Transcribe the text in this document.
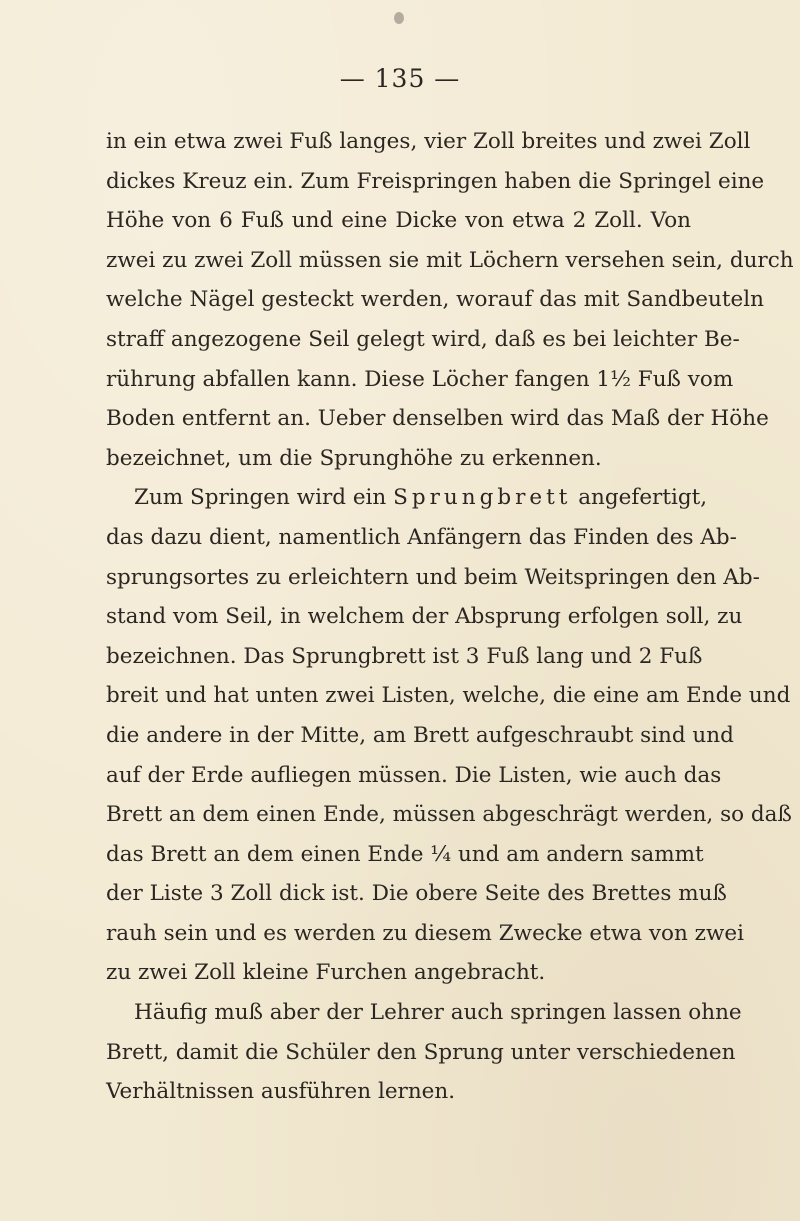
— 135 —
in ein etwa zwei Fuß langes, vier Zoll breites und zwei Zoll
dickes Kreuz ein. Zum Freispringen haben die Springel eine
Höhe von 6 Fuß und eine Dicke von etwa 2 Zoll. Von
zwei zu zwei Zoll müssen sie mit Löchern versehen sein, durch
welche Nägel gesteckt werden, worauf das mit Sandbeuteln
straff angezogene Seil gelegt wird, daß es bei leichter Be-
rührung abfallen kann. Diese Löcher fangen 1½ Fuß vom
Boden entfernt an. Ueber denselben wird das Maß der Höhe
bezeichnet, um die Sprunghöhe zu erkennen.
Zum Springen wird ein Sprungbrett angefertigt,
das dazu dient, namentlich Anfängern das Finden des Ab-
sprungsortes zu erleichtern und beim Weitspringen den Ab-
stand vom Seil, in welchem der Absprung erfolgen soll, zu
bezeichnen. Das Sprungbrett ist 3 Fuß lang und 2 Fuß
breit und hat unten zwei Listen, welche, die eine am Ende und
die andere in der Mitte, am Brett aufgeschraubt sind und
auf der Erde aufliegen müssen. Die Listen, wie auch das
Brett an dem einen Ende, müssen abgeschrägt werden, so daß
das Brett an dem einen Ende ¼ und am andern sammt
der Liste 3 Zoll dick ist. Die obere Seite des Brettes muß
rauh sein und es werden zu diesem Zwecke etwa von zwei
zu zwei Zoll kleine Furchen angebracht.
Häufig muß aber der Lehrer auch springen lassen ohne
Brett, damit die Schüler den Sprung unter verschiedenen
Verhältnissen ausführen lernen.
